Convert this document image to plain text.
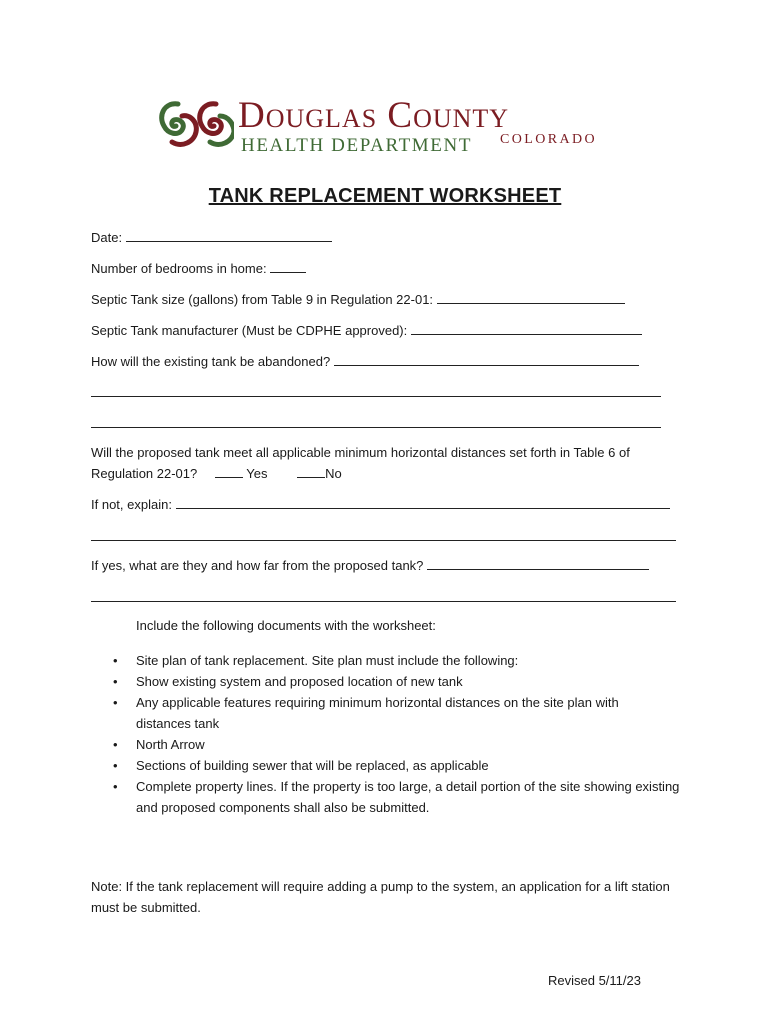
Douglas County
HEALTH DEPARTMENT COLORADO
TANK REPLACEMENT WORKSHEET
Date:
Number of bedrooms in home:
Septic Tank size (gallons) from Table 9 in Regulation 22-01:
Septic Tank manufacturer (Must be CDPHE approved):
How will the existing tank be abandoned?
Will the proposed tank meet all applicable minimum horizontal distances set forth in Table 6 of
Regulation 22-01?	Yes	No
If not, explain:
If yes, what are they and how far from the proposed tank?
Include the following documents with the worksheet:
• Site plan of tank replacement. Site plan must include the following:
• Show existing system and proposed location of new tank
• Any applicable features requiring minimum horizontal distances on the site plan with distances tank
• North Arrow
• Sections of building sewer that will be replaced, as applicable
• Complete property lines. If the property is too large, a detail portion of the site showing existing and proposed components shall also be submitted.
Note: If the tank replacement will require adding a pump to the system, an application for a lift station must be submitted.
Revised 5/11/23
